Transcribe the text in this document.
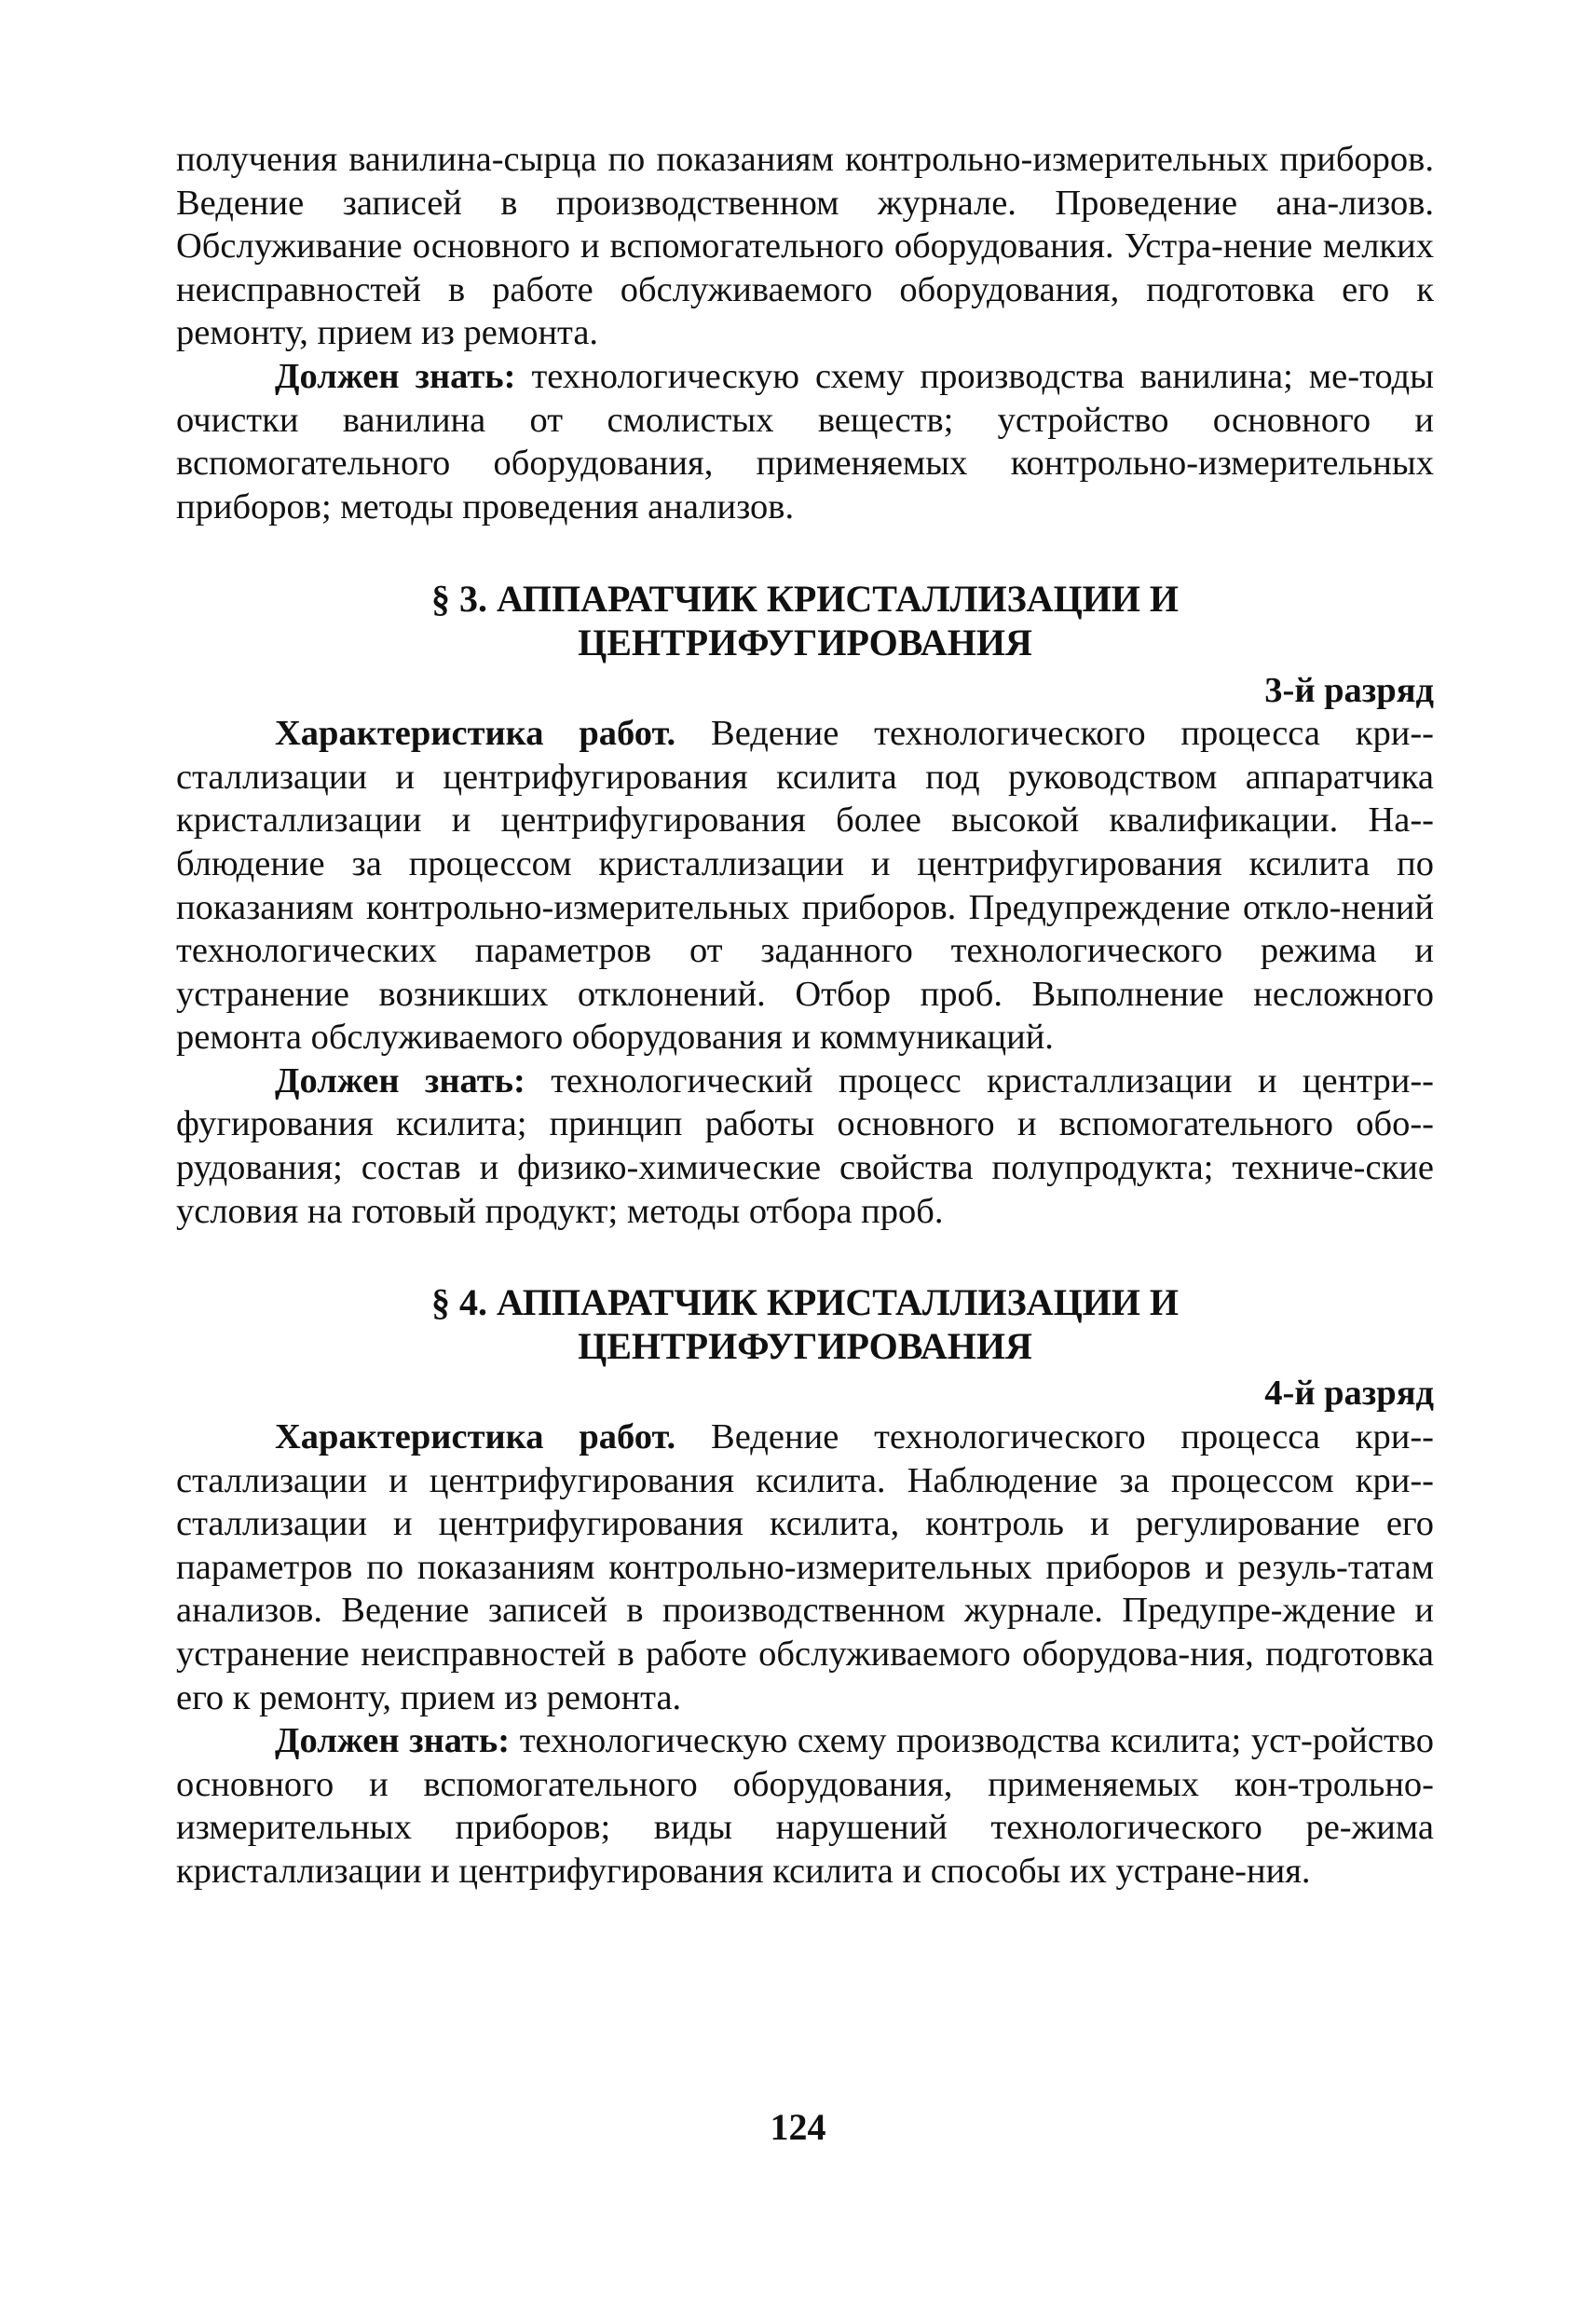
получения ванилина-сырца по показаниям контрольно-измерительных приборов. Ведение записей в производственном журнале. Проведение ана-лизов. Обслуживание основного и вспомогательного оборудования. Устра-нение мелких неисправностей в работе обслуживаемого оборудования, подготовка его к ремонту, прием из ремонта.

Должен знать: технологическую схему производства ванилина; ме-тоды очистки ванилина от смолистых веществ; устройство основного и вспомогательного оборудования, применяемых контрольно-измерительных приборов; методы проведения анализов.

§ 3. АППАРАТЧИК КРИСТАЛЛИЗАЦИИ И
ЦЕНТРИФУГИРОВАНИЯ
3-й разряд

Характеристика работ. Ведение технологического процесса кри-сталлизации и центрифугирования ксилита под руководством аппаратчика кристаллизации и центрифугирования более высокой квалификации. На-блюдение за процессом кристаллизации и центрифугирования ксилита по показаниям контрольно-измерительных приборов. Предупреждение откло-нений технологических параметров от заданного технологического режима и устранение возникших отклонений. Отбор проб. Выполнение несложного ремонта обслуживаемого оборудования и коммуникаций.

Должен знать: технологический процесс кристаллизации и центри-фугирования ксилита; принцип работы основного и вспомогательного обо-рудования; состав и физико-химические свойства полупродукта; техниче-ские условия на готовый продукт; методы отбора проб.

§ 4. АППАРАТЧИК КРИСТАЛЛИЗАЦИИ И
ЦЕНТРИФУГИРОВАНИЯ
4-й разряд

Характеристика работ. Ведение технологического процесса кри-сталлизации и центрифугирования ксилита. Наблюдение за процессом кри-сталлизации и центрифугирования ксилита, контроль и регулирование его параметров по показаниям контрольно-измерительных приборов и резуль-татам анализов. Ведение записей в производственном журнале. Предупре-ждение и устранение неисправностей в работе обслуживаемого оборудова-ния, подготовка его к ремонту, прием из ремонта.

Должен знать: технологическую схему производства ксилита; уст-ройство основного и вспомогательного оборудования, применяемых кон-трольно-измерительных приборов; виды нарушений технологического ре-жима кристаллизации и центрифугирования ксилита и способы их устране-ния.

124
